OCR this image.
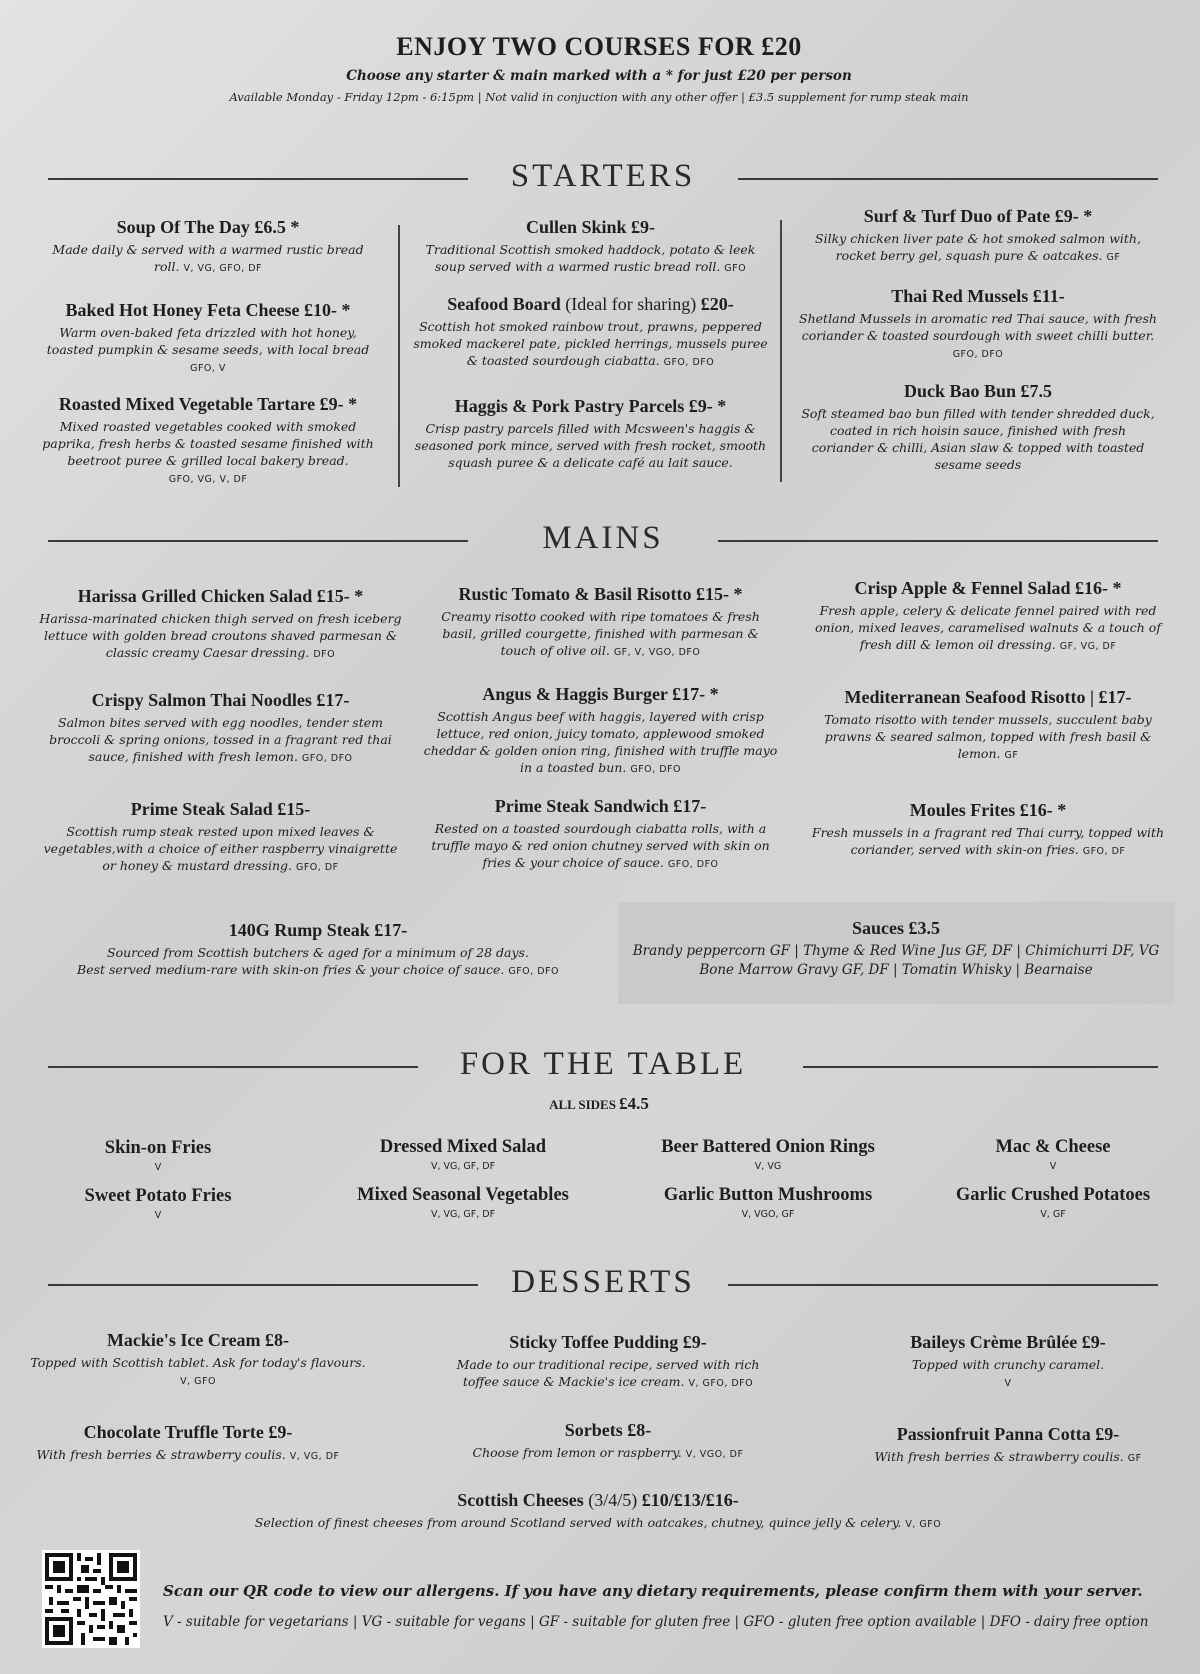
ENJOY TWO COURSES FOR £20
Choose any starter & main marked with a * for just £20 per person
Available Monday - Friday 12pm - 6:15pm | Not valid in conjuction with any other offer | £3.5 supplement for rump steak main
STARTERS
Soup Of The Day £6.5 *
Made daily & served with a warmed rustic bread roll. V, VG, GFO, DF
Baked Hot Honey Feta Cheese £10- *
Warm oven-baked feta drizzled with hot honey, toasted pumpkin & sesame seeds, with local bread
GFO, V
Roasted Mixed Vegetable Tartare £9- *
Mixed roasted vegetables cooked with smoked paprika, fresh herbs & toasted sesame finished with beetroot puree & grilled local bakery bread.
GFO, VG, V, DF
Cullen Skink £9-
Traditional Scottish smoked haddock, potato & leek soup served with a warmed rustic bread roll. GFO
Seafood Board (Ideal for sharing) £20-
Scottish hot smoked rainbow trout, prawns, peppered smoked mackerel pate, pickled herrings, mussels puree & toasted sourdough ciabatta. GFO, DFO
Haggis & Pork Pastry Parcels £9- *
Crisp pastry parcels filled with Mcsween's haggis & seasoned pork mince, served with fresh rocket, smooth squash puree & a delicate café au lait sauce.
Surf & Turf Duo of Pate £9- *
Silky chicken liver pate & hot smoked salmon with, rocket berry gel, squash pure & oatcakes. GF
Thai Red Mussels £11-
Shetland Mussels in aromatic red Thai sauce, with fresh coriander & toasted sourdough with sweet chilli butter. GFO, DFO
Duck Bao Bun £7.5
Soft steamed bao bun filled with tender shredded duck, coated in rich hoisin sauce, finished with fresh coriander & chilli, Asian slaw & topped with toasted sesame seeds
MAINS
Harissa Grilled Chicken Salad £15- *
Harissa-marinated chicken thigh served on fresh iceberg lettuce with golden bread croutons shaved parmesan & classic creamy Caesar dressing. DFO
Crispy Salmon Thai Noodles £17-
Salmon bites served with egg noodles, tender stem broccoli & spring onions, tossed in a fragrant red thai sauce, finished with fresh lemon. GFO, DFO
Prime Steak Salad £15-
Scottish rump steak rested upon mixed leaves & vegetables,with a choice of either raspberry vinaigrette or honey & mustard dressing. GFO, DF
Rustic Tomato & Basil Risotto £15- *
Creamy risotto cooked with ripe tomatoes & fresh basil, grilled courgette, finished with parmesan & touch of olive oil. GF, V, VGO, DFO
Angus & Haggis Burger £17- *
Scottish Angus beef with haggis, layered with crisp lettuce, red onion, juicy tomato, applewood smoked cheddar & golden onion ring, finished with truffle mayo in a toasted bun. GFO, DFO
Prime Steak Sandwich £17-
Rested on a toasted sourdough ciabatta rolls, with a truffle mayo & red onion chutney served with skin on fries & your choice of sauce. GFO, DFO
Crisp Apple & Fennel Salad £16- *
Fresh apple, celery & delicate fennel paired with red onion, mixed leaves, caramelised walnuts & a touch of fresh dill & lemon oil dressing. GF, VG, DF
Mediterranean Seafood Risotto | £17-
Tomato risotto with tender mussels, succulent baby prawns & seared salmon, topped with fresh basil & lemon. GF
Moules Frites £16- *
Fresh mussels in a fragrant red Thai curry, topped with coriander, served with skin-on fries. GFO, DF
140G Rump Steak £17-
Sourced from Scottish butchers & aged for a minimum of 28 days.
Best served medium-rare with skin-on fries & your choice of sauce. GFO, DFO
Sauces £3.5
Brandy peppercorn GF | Thyme & Red Wine Jus GF, DF | Chimichurri DF, VG
Bone Marrow Gravy GF, DF | Tomatin Whisky | Bearnaise
FOR THE TABLE
ALL SIDES £4.5
Skin-on Fries
V
Sweet Potato Fries
V
Dressed Mixed Salad
V, VG, GF, DF
Mixed Seasonal Vegetables
V, VG, GF, DF
Beer Battered Onion Rings
V, VG
Garlic Button Mushrooms
V, VGO, GF
Mac & Cheese
V
Garlic Crushed Potatoes
V, GF
DESSERTS
Mackie's Ice Cream £8-
Topped with Scottish tablet. Ask for today's flavours. V, GFO
Chocolate Truffle Torte £9-
With fresh berries & strawberry coulis. V, VG, DF
Sticky Toffee Pudding £9-
Made to our traditional recipe, served with rich toffee sauce & Mackie's ice cream. V, GFO, DFO
Sorbets £8-
Choose from lemon or raspberry. V, VGO, DF
Baileys Crème Brûlée £9-
Topped with crunchy caramel.
V
Passionfruit Panna Cotta £9-
With fresh berries & strawberry coulis. GF
Scottish Cheeses (3/4/5) £10/£13/£16-
Selection of finest cheeses from around Scotland served with oatcakes, chutney, quince jelly & celery. V, GFO
Scan our QR code to view our allergens. If you have any dietary requirements, please confirm them with your server.
V - suitable for vegetarians | VG - suitable for vegans | GF - suitable for gluten free | GFO - gluten free option available | DFO - dairy free option
